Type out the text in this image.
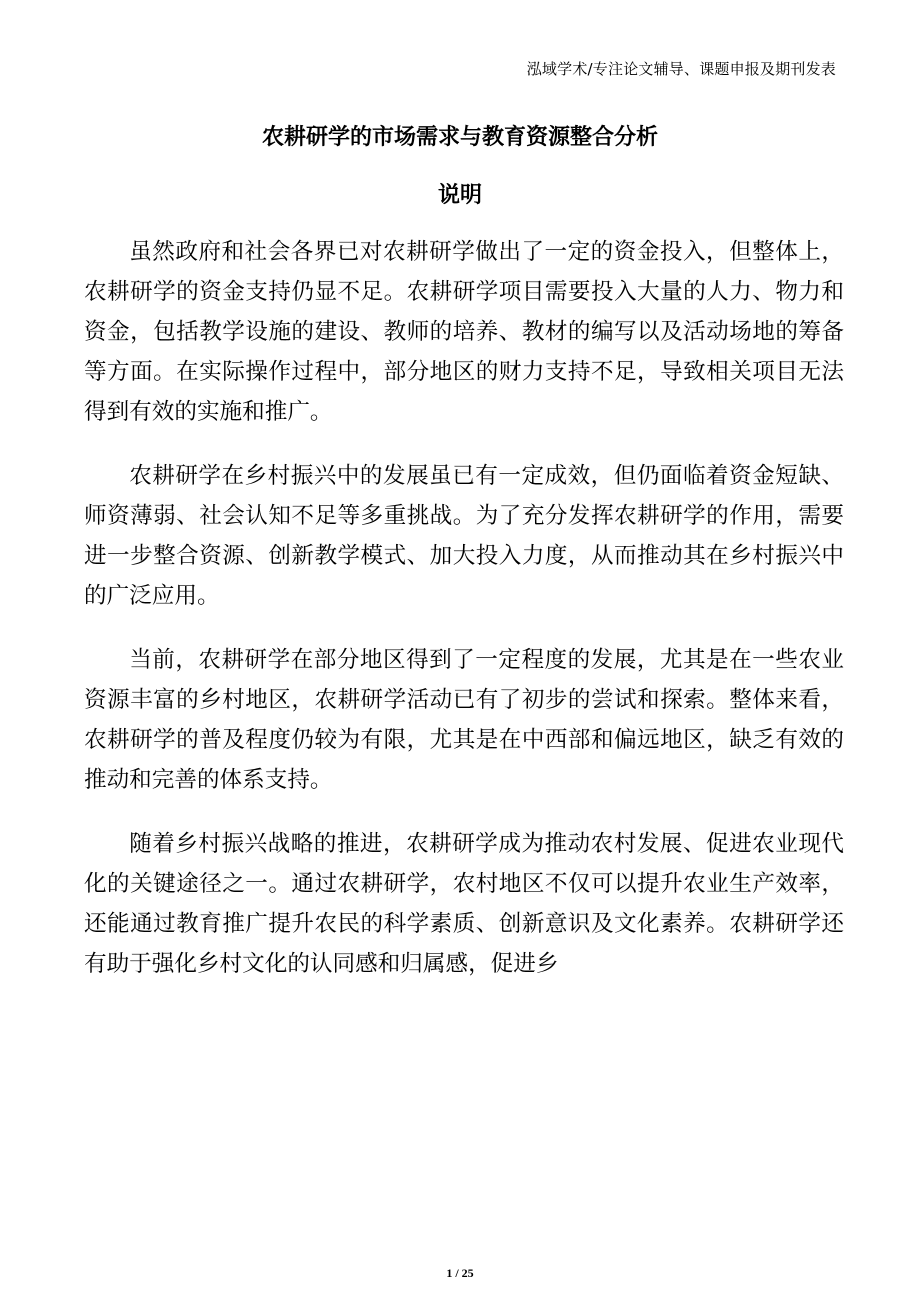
泓域学术/专注论文辅导、课题申报及期刊发表
农耕研学的市场需求与教育资源整合分析
说明

虽然政府和社会各界已对农耕研学做出了一定的资金投入，但整体上，农耕研学的资金支持仍显不足。农耕研学项目需要投入大量的人力、物力和资金，包括教学设施的建设、教师的培养、教材的编写以及活动场地的筹备等方面。在实际操作过程中，部分地区的财力支持不足，导致相关项目无法得到有效的实施和推广。

农耕研学在乡村振兴中的发展虽已有一定成效，但仍面临着资金短缺、师资薄弱、社会认知不足等多重挑战。为了充分发挥农耕研学的作用，需要进一步整合资源、创新教学模式、加大投入力度，从而推动其在乡村振兴中的广泛应用。

当前，农耕研学在部分地区得到了一定程度的发展，尤其是在一些农业资源丰富的乡村地区，农耕研学活动已有了初步的尝试和探索。整体来看，农耕研学的普及程度仍较为有限，尤其是在中西部和偏远地区，缺乏有效的推动和完善的体系支持。

随着乡村振兴战略的推进，农耕研学成为推动农村发展、促进农业现代化的关键途径之一。通过农耕研学，农村地区不仅可以提升农业生产效率，还能通过教育推广提升农民的科学素质、创新意识及文化素养。农耕研学还有助于强化乡村文化的认同感和归属感，促进乡

1 / 25
